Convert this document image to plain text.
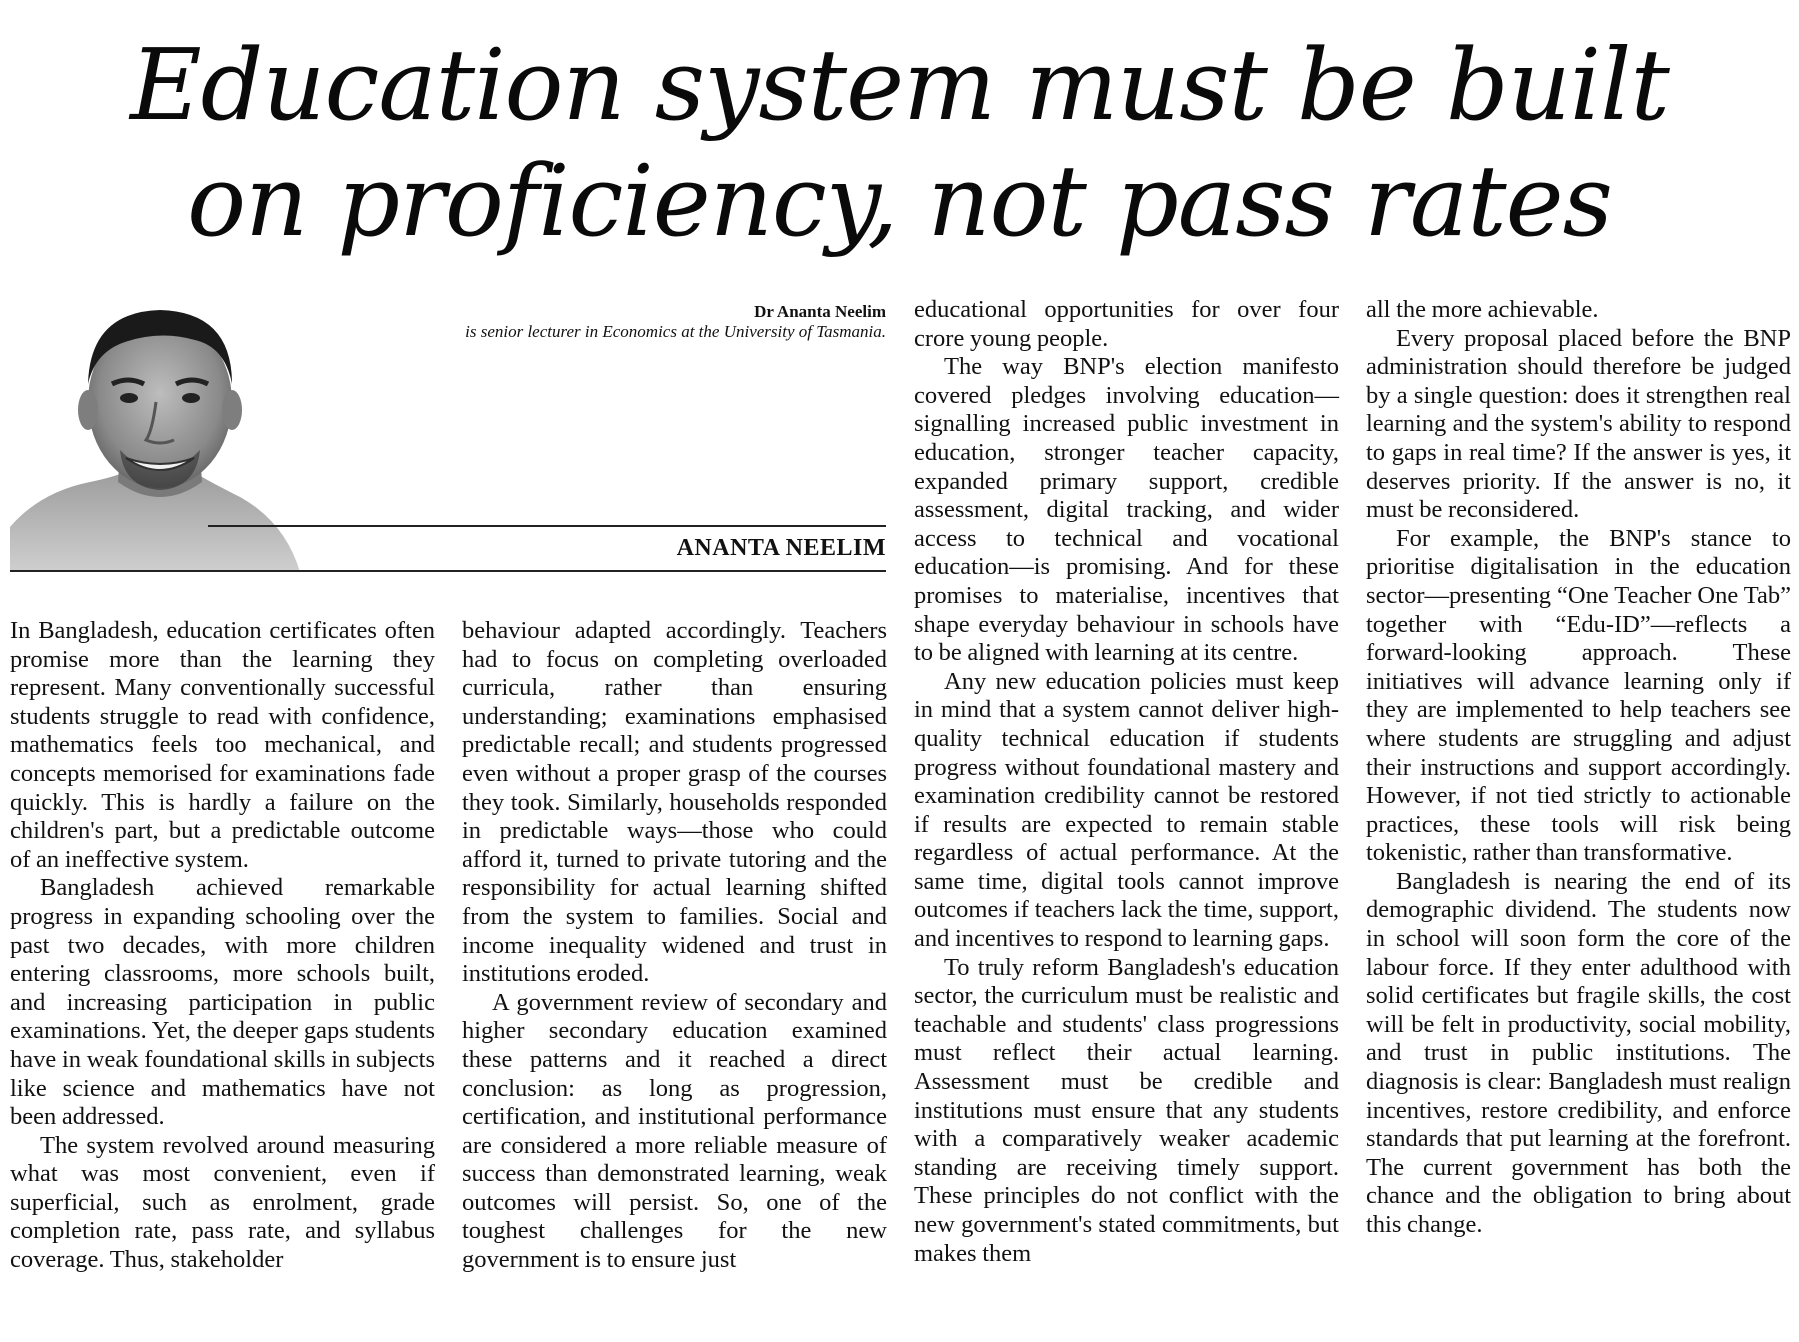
Education system must be built
on proficiency, not pass rates
Dr Ananta Neelim
is senior lecturer in Economics at the University of Tasmania.
ANANTA NEELIM

In Bangladesh, education certificates often promise more than the learning they represent. Many conventionally successful students struggle to read with confidence, mathematics feels too mechanical, and concepts memorised for examinations fade quickly. This is hardly a failure on the children's part, but a predictable outcome of an ineffective system.

Bangladesh achieved remarkable progress in expanding schooling over the past two decades, with more children entering classrooms, more schools built, and increasing participation in public examinations. Yet, the deeper gaps students have in weak foundational skills in subjects like science and mathematics have not been addressed.

The system revolved around measuring what was most convenient, even if superficial, such as enrolment, grade completion rate, pass rate, and syllabus coverage. Thus, stakeholder

behaviour adapted accordingly. Teachers had to focus on completing overloaded curricula, rather than ensuring understanding; examinations emphasised predictable recall; and students progressed even without a proper grasp of the courses they took. Similarly, households responded in predictable ways—those who could afford it, turned to private tutoring and the responsibility for actual learning shifted from the system to families. Social and income inequality widened and trust in institutions eroded.

A government review of secondary and higher secondary education examined these patterns and it reached a direct conclusion: as long as progression, certification, and institutional performance are considered a more reliable measure of success than demonstrated learning, weak outcomes will persist. So, one of the toughest challenges for the new government is to ensure just

educational opportunities for over four crore young people.

The way BNP's election manifesto covered pledges involving education—signalling increased public investment in education, stronger teacher capacity, expanded primary support, credible assessment, digital tracking, and wider access to technical and vocational education—is promising. And for these promises to materialise, incentives that shape everyday behaviour in schools have to be aligned with learning at its centre.

Any new education policies must keep in mind that a system cannot deliver high-quality technical education if students progress without foundational mastery and examination credibility cannot be restored if results are expected to remain stable regardless of actual performance. At the same time, digital tools cannot improve outcomes if teachers lack the time, support, and incentives to respond to learning gaps.

To truly reform Bangladesh's education sector, the curriculum must be realistic and teachable and students' class progressions must reflect their actual learning. Assessment must be credible and institutions must ensure that any students with a comparatively weaker academic standing are receiving timely support. These principles do not conflict with the new government's stated commitments, but makes them

all the more achievable.

Every proposal placed before the BNP administration should therefore be judged by a single question: does it strengthen real learning and the system's ability to respond to gaps in real time? If the answer is yes, it deserves priority. If the answer is no, it must be reconsidered.

For example, the BNP's stance to prioritise digitalisation in the education sector—presenting “One Teacher One Tab” together with “Edu-ID”—reflects a forward-looking approach. These initiatives will advance learning only if they are implemented to help teachers see where students are struggling and adjust their instructions and support accordingly. However, if not tied strictly to actionable practices, these tools will risk being tokenistic, rather than transformative.

Bangladesh is nearing the end of its demographic dividend. The students now in school will soon form the core of the labour force. If they enter adulthood with solid certificates but fragile skills, the cost will be felt in productivity, social mobility, and trust in public institutions. The diagnosis is clear: Bangladesh must realign incentives, restore credibility, and enforce standards that put learning at the forefront. The current government has both the chance and the obligation to bring about this change.
